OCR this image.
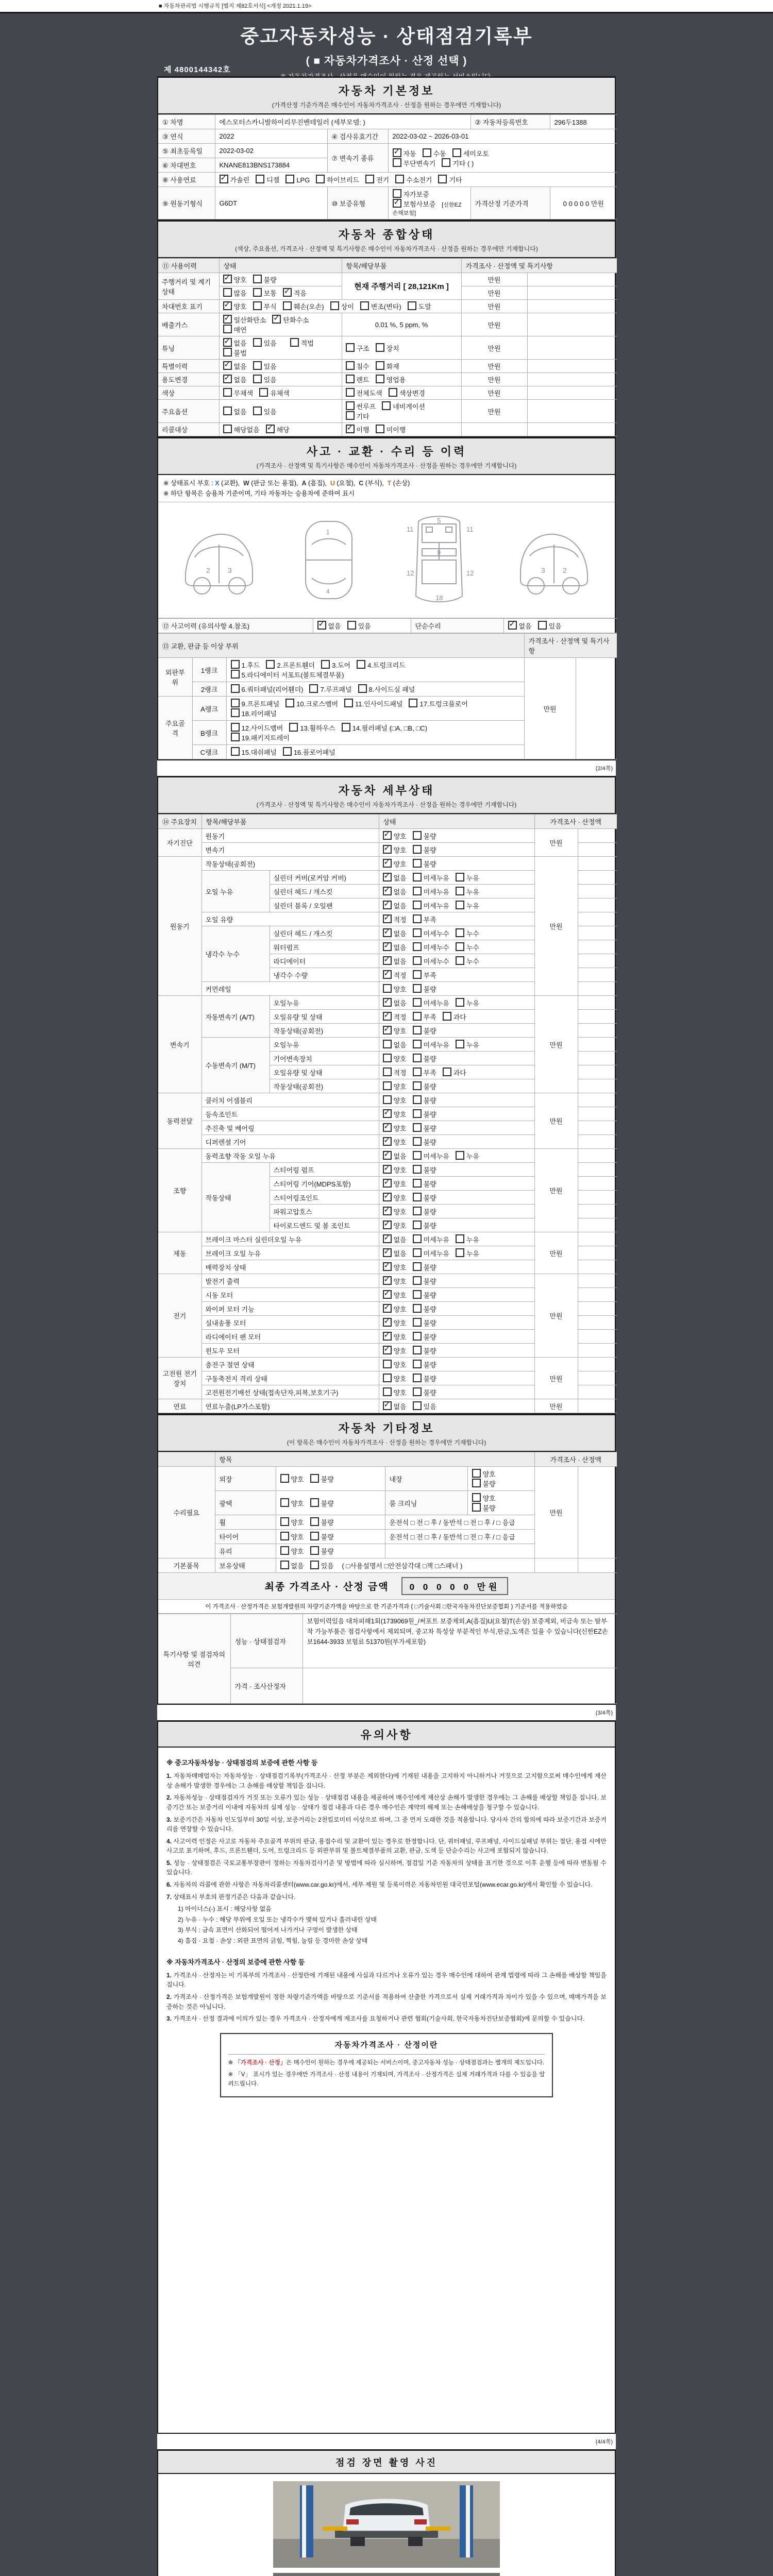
■ 자동차관리법 시행규칙 [별지 제82호서식] <개정 2021.1.19>
중고자동차성능 · 상태점검기록부
( ■ 자동차가격조사 · 산정 선택 )
제 4800144342호
자동차 기본정보
(가격산정 기준가격은 매수인이 자동차가격조사 · 산정을 원하는 경우에만 기재합니다)
① 차명	에스모터스카니발하이리무진벤테일러 (세부모델: )			② 자동차등록번호	296두1388
③ 연식	2022	④ 검사유효기간	2022-03-02 ~ 2026-03-01		
⑤ 최초등록일	2022-03-02	⑦ 변속기 종류	✓자동 수동 세미오토
무단변속기 기타 ( )
⑥ 차대번호	KNANE813BNS173884				
⑧ 사용연료	✓가솔린 디젤 LPG 하이브리드 전기 수소전기 기타
⑨ 원동기형식	G6DT	⑩ 보증유형	자가보증✓보험사보증 [신한EZ손해보험]	가격산정 기준가격	0 0 0 0 0 만원
자동차 종합상태
(색상, 주요옵션, 가격조사 · 산정액 및 특기사항은 매수인이 자동차가격조사 · 산정을 원하는 경우에만 기재합니다)
⑪ 사용이력	상태	항목/해당부품	가격조사 · 산정액 및 특기사항	
주행거리 및 계기상태	✓양호 불량	현재 주행거리 [ 28,121Km ]	만원	
	많음 보통 ✓ 적음		만원	
차대번호 표기	✓양호 부식 훼손(오손) 상이 변조(변타) 도말		만원	
배출가스	✓일산화탄소 ✓ 탄화수소매연	0.01 %, 5 ppm, %	만원	
튜닝	✓없음 있음 적법불법	구조 장치	만원	
특별이력	✓없음 있음	침수 화재	만원	
용도변경	✓없음 있음	렌트 영업용	만원	
색상	무채색 유채색	전체도색 색상변경	만원	
주요옵션	없음 있음	썬루프 네비게이션기타	만원	
리콜대상	해당없음 ✓ 해당	✓이행 미이행		
사고 · 교환 · 수리 등 이력
(가격조사 · 산정액 및 특기사항은 매수인이 자동차가격조사 · 산정을 원하는 경우에만 기재합니다)
※ 상태표시 부호 : X (교환),  W (판금 또는 용접),  A (흠집),  U (요철),  C (부식),  T (손상)
※ 하단 항목은 승용차 기준이며, 기타 자동차는 승용차에 준하여 표시
2 3
1
4
11	11
5
9
12	12
18
3 2
⑫ 사고이력 (유의사항 4.참조)	✓없음	있음	단순수리	✓없음	있음
⑬ 교환, 판금 등 이상 부위			가격조사 · 산정액 및 특기사항	
외판부위	1랭크	1.후드 2.프론트휀더 3.도어 4.트렁크리드
5.라디에이터 서포트(볼트체결부품)	만원	
	2랭크	6.쿼터패널(리어휀더) 7.루프패널 8.사이드실 패널		
주요골격	A랭크	9.프론트패널 10.크로스멤버 11.인사이드패널 17.트렁크플로어
18.리어패널		
	B랭크	12.사이드멤버 13.휠하우스 14.필러패널 (□A, □B, □C)
19.패키지트레이		
	C랭크	15.대쉬패널 16.플로어패널		
(2/4쪽)
자동차 세부상태
(가격조사 · 산정액 및 특기사항은 매수인이 자동차가격조사 · 산정을 원하는 경우에만 기재합니다)
⑭ 주요장치	항목/해당부품		상태	가격조사 · 산정액	
자기진단	원동기	✓양호 불량	만원	
	변속기	✓양호 불량	
원동기	작동상태(공회전)	✓양호 불량	만원	
	오일 누유	실린더 커버(로커암 커버)	✓없음 미세누유 누유	
		실린더 헤드 / 개스킷	✓없음 미세누유 누유	
		실린더 블록 / 오일팬	✓없음 미세누유 누유	
	오일 유량	✓적정 부족	
	냉각수 누수	실린더 헤드 / 개스킷	✓없음 미세누수 누수	
		워터펌프	✓없음 미세누수 누수	
		라디에이터	✓없음 미세누수 누수	
		냉각수 수량	✓적정 부족	
	커먼레일		양호 불량		
변속기	자동변속기 (A/T)	오일누유	✓없음 미세누유 누유	만원	
		오일유량 및 상태	✓적정 부족 과다	
		작동상태(공회전)	✓양호 불량	
	수동변속기 (M/T)	오일누유	없음 미세누유 누유		
		기어변속장치	양호 불량		
		오일유량 및 상태	적정 부족 과다		
		작동상태(공회전)	양호 불량		
동력전달	클러치 어셈블리		양호 불량	만원	
	등속조인트	✓양호 불량	
	추진축 및 베어링	✓양호 불량	
	디퍼렌셜 기어	✓양호 불량	
조향	동력조향 작동 오일 누유	✓없음 미세누유 누유	만원	
	작동상태	스티어링 펌프	✓양호 불량	
		스티어링 기어(MDPS포함)	✓양호 불량	
		스티어링조인트	✓양호 불량	
		파워고압호스	✓양호 불량	
		타이로드엔드 및 볼 조인트	✓양호 불량	
제동	브레이크 마스터 실린더오일 누유	✓없음 미세누유 누유	만원	
	브레이크 오일 누유	✓없음 미세누유 누유	
	배력장치 상태	✓양호 불량	
전기	발전기 출력	✓양호 불량	만원	
	시동 모터	✓양호 불량	
	와이퍼 모터 기능	✓양호 불량	
	실내송풍 모터	✓양호 불량	
	라디에이터 팬 모터	✓양호 불량	
	윈도우 모터	✓양호 불량	
고전원 전기장치	충전구 절연 상태		양호 불량	만원	
	구동축전지 격리 상태		양호 불량		
	고전원전기배선 상태(접속단자,피복,보호기구)		양호 불량		
연료	연료누출(LP가스포함)	✓없음 있음	만원	
자동차 기타정보
(이 항목은 매수인이 자동차가격조사 · 산정을 원하는 경우에만 기재합니다)
	항목				가격조사 · 산정액	
수리필요	외장	양호 불량	내장	양호불량	만원	
	광택	양호 불량	룸 크리닝	양호불량		
	휠	양호 불량	운전석 □ 전 □ 후 / 동반석 □ 전 □ 후 / □ 응급			
	타이어	양호 불량	운전석 □ 전 □ 후 / 동반석 □ 전 □ 후 / □ 응급			
	유리	양호 불량				
기본품목	보유상태	없음 있음 ( □사용설명서 □안전삼각대 □잭 □스패너 )				
최종 가격조사 · 산정 금액	0 0 0 0 0 만원
이 가격조사 · 산정가격은 보험개발원의 차량기준가액을 바탕으로 한 기준가격과 ( □기술사회 □한국자동차진단보증협회 ) 기준서를 적용하였음
특기사항 및 점검자의 의견	성능 · 상태점검자	보험이력있음 대차피해1회(1739069원_/써포트 보증제외,A(흠집)U(요철)T(손상) 보증제외, 비금속 또는 탈부착 가능부품은 점검사항에서 제외되며, 중고차 특성상 부분적인 부식,판금,도색은 있을 수 있습니다(신한EZ손보1644-3933 보험료 51370원(부가세포함)
	가격 · 조사산정자	
(3/4쪽)
유의사항
※ 중고자동차성능 · 상태점검의 보증에 관한 사항 등
1. 자동차매매업자는 자동차성능 · 상태점검기록부(가격조사 · 산정 부분은 제외한다)에 기재된 내용을 고지하지 아니하거나 거짓으로 고지함으로써 매수인에게 재산상 손해가 발생한 경우에는 그 손해를 배상할 책임을 집니다.
2. 자동차성능 · 상태점검자가 거짓 또는 오류가 있는 성능 · 상태점검 내용을 제공하여 매수인에게 재산상 손해가 발생한 경우에는 그 손해를 배상할 책임을 집니다. 보증기간 또는 보증거리 이내에 자동차의 실제 성능 · 상태가 점검 내용과 다른 경우 매수인은 계약의 해제 또는 손해배상을 청구할 수 있습니다.
3. 보증기간은 자동차 인도일부터 30일 이상, 보증거리는 2천킬로미터 이상으로 하며, 그 중 먼저 도래한 것을 적용합니다. 당사자 간의 합의에 따라 보증기간과 보증거리를 연장할 수 있습니다.
4. 사고이력 인정은 사고로 자동차 주요골격 부위의 판금, 용접수리 및 교환이 있는 경우로 한정합니다. 단, 쿼터패널, 루프패널, 사이드실패널 부위는 절단, 용접 시에만 사고로 표기하며, 후드, 프론트휀더, 도어, 트렁크리드 등 외판부위 및 볼트체결부품의 교환, 판금, 도색 등 단순수리는 사고에 포함되지 않습니다.
5. 성능 · 상태점검은 국토교통부장관이 정하는 자동차검사기준 및 방법에 따라 실시하며, 점검일 기준 자동차의 상태를 표기한 것으로 이후 운행 등에 따라 변동될 수 있습니다.
6. 자동차의 리콜에 관한 사항은 자동차리콜센터(www.car.go.kr)에서, 세부 제원 및 등록이력은 자동차민원 대국민포털(www.ecar.go.kr)에서 확인할 수 있습니다.
7. 상태표시 부호의 판정기준은 다음과 같습니다.
1) 마이너스(-) 표시 : 해당사항 없음
2) 누유 · 누수 : 해당 부위에 오일 또는 냉각수가 맺혀 있거나 흘러내린 상태
3) 부식 : 금속 표면이 산화되어 떨어져 나가거나 구멍이 발생한 상태
4) 흠집 · 요철 · 손상 : 외판 표면의 긁힘, 찍힘, 눌림 등 경미한 손상 상태
※ 자동차가격조사 · 산정의 보증에 관한 사항 등
1. 가격조사 · 산정자는 이 기록부의 가격조사 · 산정란에 기재된 내용에 사실과 다르거나 오류가 있는 경우 매수인에 대하여 관계 법령에 따라 그 손해를 배상할 책임을 집니다.
2. 가격조사 · 산정가격은 보험개발원이 정한 차량기준가액을 바탕으로 기준서를 적용하여 산출한 가격으로서 실제 거래가격과 차이가 있을 수 있으며, 매매가격을 보증하는 것은 아닙니다.
3. 가격조사 · 산정 결과에 이의가 있는 경우 가격조사 · 산정자에게 재조사를 요청하거나 관련 협회(기술사회, 한국자동차진단보증협회)에 문의할 수 있습니다.
자동차가격조사 · 산정이란
※ 「가격조사 · 산정」은 매수인이 원하는 경우에 제공되는 서비스이며, 중고자동차 성능 · 상태점검과는 별개의 제도입니다.
※ 「V」 표시가 있는 경우에만 가격조사 · 산정 내용이 기재되며, 가격조사 · 산정가격은 실제 거래가격과 다를 수 있음을 알려드립니다.
(4/4쪽)
점검 장면 촬영 사진
